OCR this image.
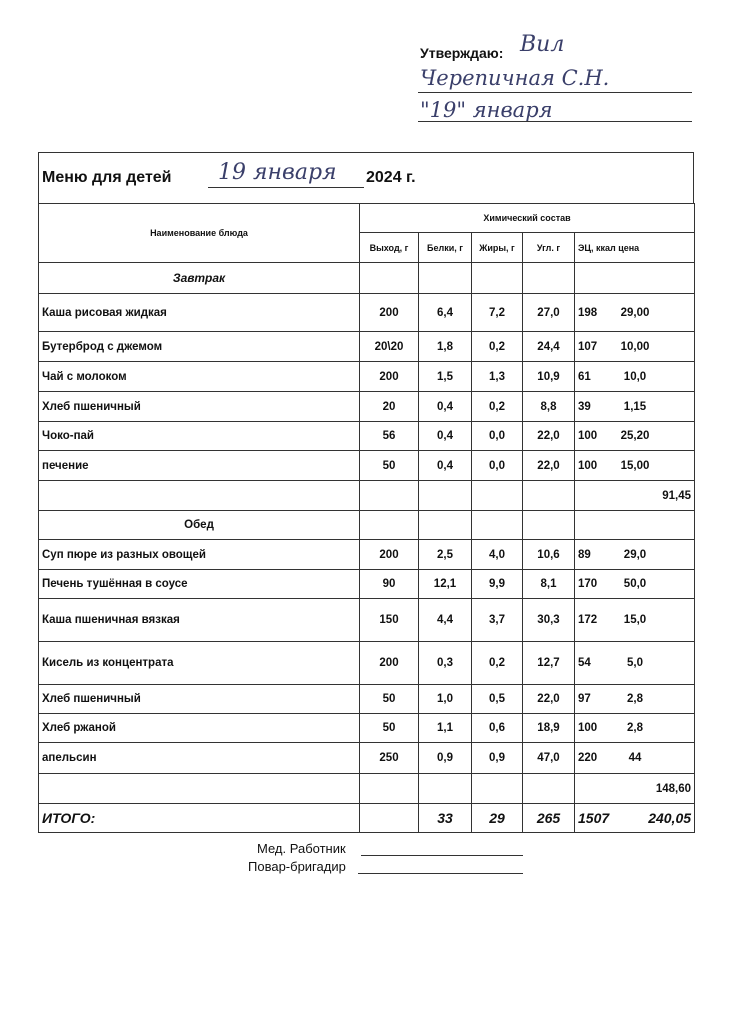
Утверждаю: Вил
Черепичная С.Н.
"19" января
Меню для детей 19 января 2024 г.
Наименование блюда	Химический состав				
	Выход, г	Белки, г	Жиры, г	Угл. г	ЭЦ, ккал цена
Завтрак					
Каша рисовая жидкая	200	6,4	7,2	27,0	198 29,00
Бутерброд с джемом	20\20	1,8	0,2	24,4	107 10,00
Чай с молоком	200	1,5	1,3	10,9	61 10,0
Хлеб пшеничный	20	0,4	0,2	8,8	39 1,15
Чоко-пай	56	0,4	0,0	22,0	100 25,20
печение	50	0,4	0,0	22,0	100 15,00
					91,45
Обед					
Суп пюре из разных овощей	200	2,5	4,0	10,6	89 29,0
Печень тушённая в соусе	90	12,1	9,9	8,1	170 50,0
Каша пшеничная вязкая	150	4,4	3,7	30,3	172 15,0
Кисель из концентрата	200	0,3	0,2	12,7	54 5,0
Хлеб пшеничный	50	1,0	0,5	22,0	97 2,8
Хлеб ржаной	50	1,1	0,6	18,9	100 2,8
апельсин	250	0,9	0,9	47,0	220 44
					148,60
ИТОГО:		33	29	265	1507 240,05
Мед. Работник
Повар-бригадир
